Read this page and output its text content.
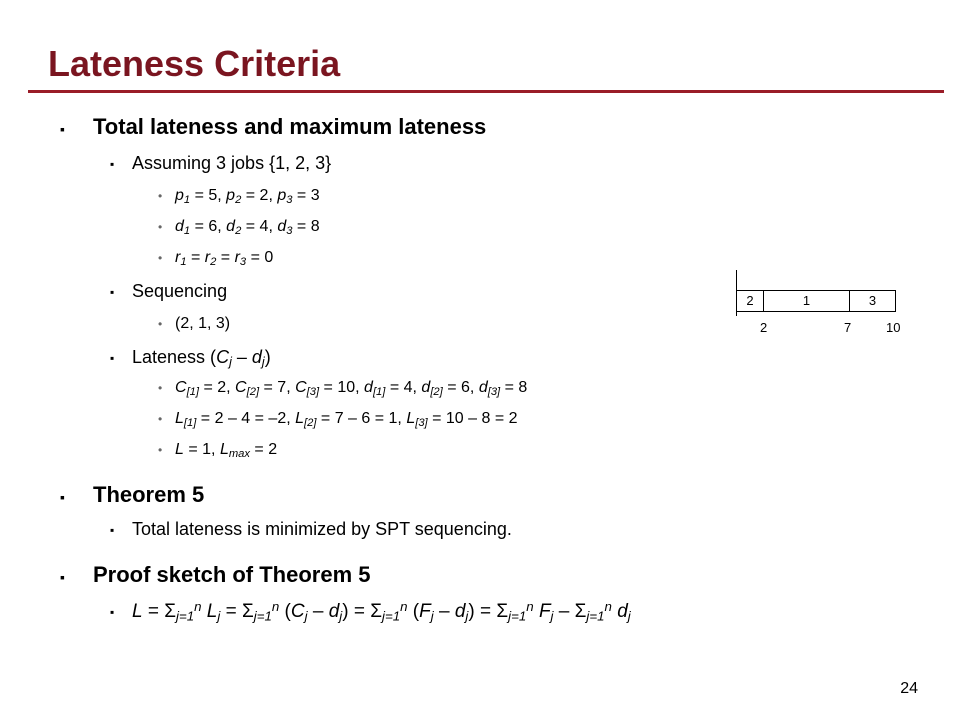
Lateness Criteria
▪ Total lateness and maximum lateness
▪ Assuming 3 jobs {1, 2, 3}
• $p_1 = 5$, $p_2 = 2$, $p_3 = 3$
• $d_1 = 6$, $d_2 = 4$, $d_3 = 8$
• $r_1 = r_2 = r_3 = 0$
▪ Sequencing
• (2, 1, 3)
▪ Lateness $(C_j - d_j)$
• $C_{[1]} = 2$, $C_{[2]} = 7$, $C_{[3]} = 10$, $d_{[1]} = 4$, $d_{[2]} = 6$, $d_{[3]} = 8$
• $L_{[1]} = 2 - 4 = -2$, $L_{[2]} = 7 - 6 = 1$, $L_{[3]} = 10 - 8 = 2$
• L = 1, $L_{max} = 2$
▪ Theorem 5
▪ Total lateness is minimized by SPT sequencing.
▪ Proof sketch of Theorem 5
▪ $L = \Sigma_{j=1}^n$ $L_j = \Sigma_{j=1}^n$ $(C_j - d_j) = \Sigma_{j=1}^n$ $(F_j - d_j) = \Sigma_{j=1}^n$ $F_j - \Sigma_{j=1}^n$ $d_j$
2	1	3
2	7	10
24
